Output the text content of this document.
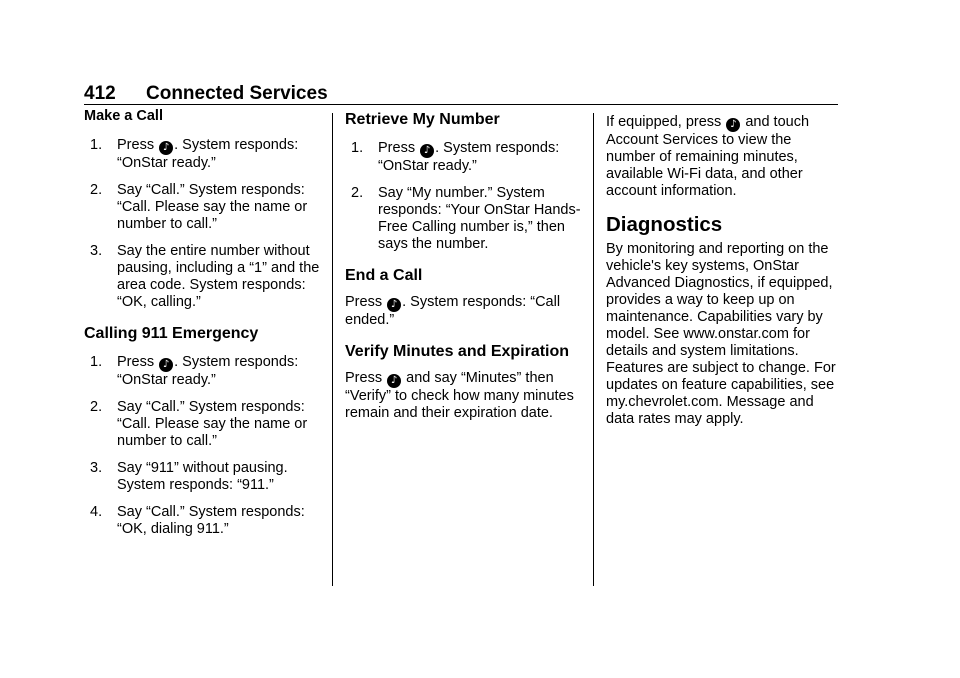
412 Connected Services

Make a Call

1. Press ♪ . System responds: “OnStar ready.”
2. Say “Call.” System responds: “Call. Please say the name or number to call.”
3. Say the entire number without pausing, including a “1” and the area code. System responds: “OK, calling.”

Calling 911 Emergency

1. Press ♪ . System responds: “OnStar ready.”
2. Say “Call.” System responds: “Call. Please say the name or number to call.”
3. Say “911” without pausing. System responds: “911.”
4. Say “Call.” System responds: “OK, dialing 911.”

Retrieve My Number

1. Press ♪ . System responds: “OnStar ready.”
2. Say “My number.” System responds: “Your OnStar Hands-Free Calling number is,” then says the number.

End a Call

Press ♪ . System responds: “Call ended.”

Verify Minutes and Expiration

Press ♪ and say “Minutes” then “Verify” to check how many minutes remain and their expiration date.

If equipped, press ♪ and touch Account Services to view the number of remaining minutes, available Wi-Fi data, and other account information.

Diagnostics

By monitoring and reporting on the vehicle's key systems, OnStar Advanced Diagnostics, if equipped, provides a way to keep up on maintenance. Capabilities vary by model. See www.onstar.com for details and system limitations. Features are subject to change. For updates on feature capabilities, see my.chevrolet.com. Message and data rates may apply.
